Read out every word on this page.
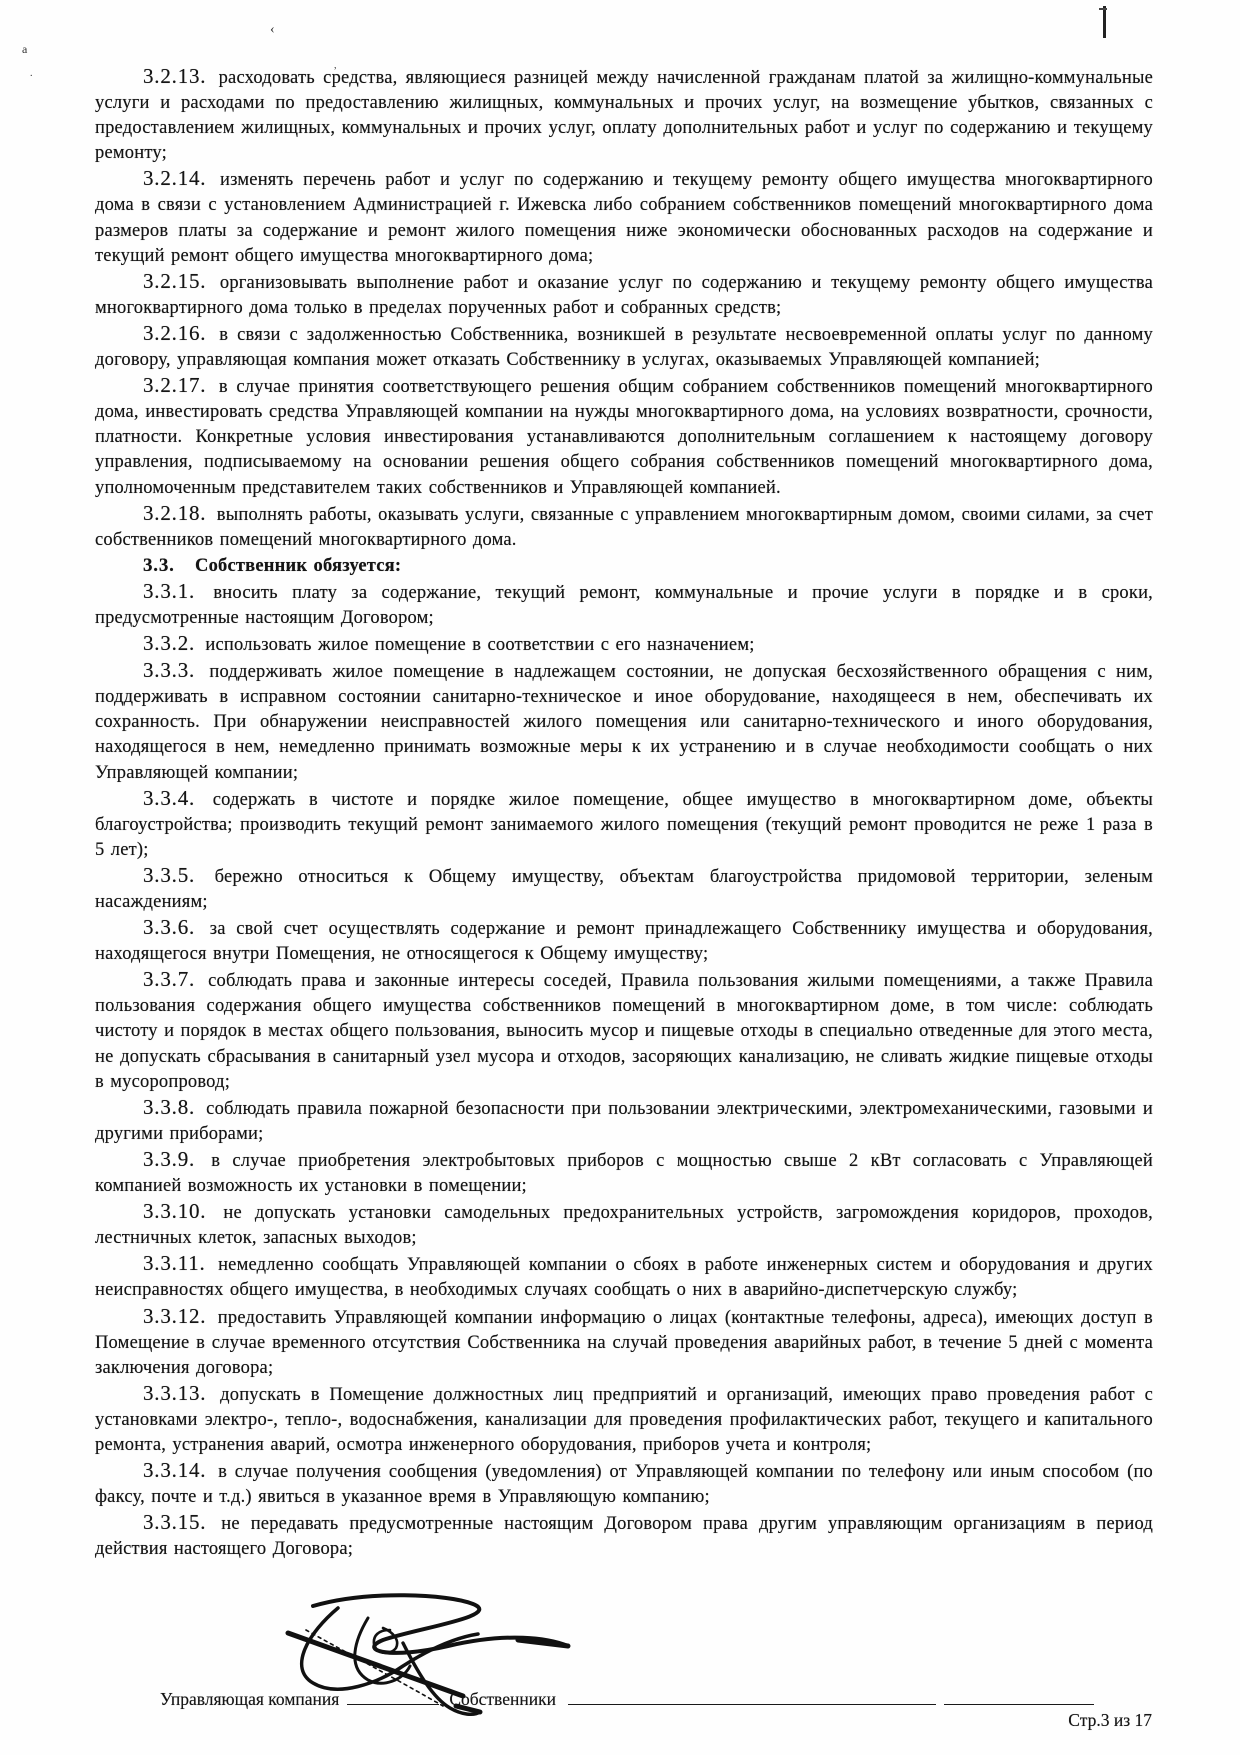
‹
a
.
,

3.2.13. расходовать средства, являющиеся разницей между начисленной гражданам платой за жилищно-коммунальные услуги и расходами по предоставлению жилищных, коммунальных и прочих услуг, на возмещение убытков, связанных с предоставлением жилищных, коммунальных и прочих услуг, оплату дополнительных работ и услуг по содержанию и текущему ремонту;

3.2.14. изменять перечень работ и услуг по содержанию и текущему ремонту общего имущества многоквартирного дома в связи с установлением Администрацией г. Ижевска либо собранием собственников помещений многоквартирного дома размеров платы за содержание и ремонт жилого помещения ниже экономически обоснованных расходов на содержание и текущий ремонт общего имущества многоквартирного дома;

3.2.15. организовывать выполнение работ и оказание услуг по содержанию и текущему ремонту общего имущества многоквартирного дома только в пределах порученных работ и собранных средств;

3.2.16. в связи с задолженностью Собственника, возникшей в результате несвоевременной оплаты услуг по данному договору, управляющая компания может отказать Собственнику в услугах, оказываемых Управляющей компанией;

3.2.17. в случае принятия соответствующего решения общим собранием собственников помещений многоквартирного дома, инвестировать средства Управляющей компании на нужды многоквартирного дома, на условиях возвратности, срочности, платности. Конкретные условия инвестирования устанавливаются дополнительным соглашением к настоящему договору управления, подписываемому на основании решения общего собрания собственников помещений многоквартирного дома, уполномоченным представителем таких собственников и Управляющей компанией.

3.2.18. выполнять работы, оказывать услуги, связанные с управлением многоквартирным домом, своими силами, за счет собственников помещений многоквартирного дома.

3.3. Собственник обязуется:

3.3.1. вносить плату за содержание, текущий ремонт, коммунальные и прочие услуги в порядке и в сроки, предусмотренные настоящим Договором;

3.3.2. использовать жилое помещение в соответствии с его назначением;

3.3.3. поддерживать жилое помещение в надлежащем состоянии, не допуская бесхозяйственного обращения с ним, поддерживать в исправном состоянии санитарно-техническое и иное оборудование, находящееся в нем, обеспечивать их сохранность. При обнаружении неисправностей жилого помещения или санитарно-технического и иного оборудования, находящегося в нем, немедленно принимать возможные меры к их устранению и в случае необходимости сообщать о них Управляющей компании;

3.3.4. содержать в чистоте и порядке жилое помещение, общее имущество в многоквартирном доме, объекты благоустройства; производить текущий ремонт занимаемого жилого помещения (текущий ремонт проводится не реже 1 раза в 5 лет);

3.3.5. бережно относиться к Общему имуществу, объектам благоустройства придомовой территории, зеленым насаждениям;

3.3.6. за свой счет осуществлять содержание и ремонт принадлежащего Собственнику имущества и оборудования, находящегося внутри Помещения, не относящегося к Общему имуществу;

3.3.7. соблюдать права и законные интересы соседей, Правила пользования жилыми помещениями, а также Правила пользования содержания общего имущества собственников помещений в многоквартирном доме, в том числе: соблюдать чистоту и порядок в местах общего пользования, выносить мусор и пищевые отходы в специально отведенные для этого места, не допускать сбрасывания в санитарный узел мусора и отходов, засоряющих канализацию, не сливать жидкие пищевые отходы в мусоропровод;

3.3.8. соблюдать правила пожарной безопасности при пользовании электрическими, электромеханическими, газовыми и другими приборами;

3.3.9. в случае приобретения электробытовых приборов с мощностью свыше 2 кВт согласовать с Управляющей компанией возможность их установки в помещении;

3.3.10. не допускать установки самодельных предохранительных устройств, загромождения коридоров, проходов, лестничных клеток, запасных выходов;

3.3.11. немедленно сообщать Управляющей компании о сбоях в работе инженерных систем и оборудования и других неисправностях общего имущества, в необходимых случаях сообщать о них в аварийно-диспетчерскую службу;

3.3.12. предоставить Управляющей компании информацию о лицах (контактные телефоны, адреса), имеющих доступ в Помещение в случае временного отсутствия Собственника на случай проведения аварийных работ, в течение 5 дней с момента заключения договора;

3.3.13. допускать в Помещение должностных лиц предприятий и организаций, имеющих право проведения работ с установками электро-, тепло-, водоснабжения, канализации для проведения профилактических работ, текущего и капитального ремонта, устранения аварий, осмотра инженерного оборудования, приборов учета и контроля;

3.3.14. в случае получения сообщения (уведомления) от Управляющей компании по телефону или иным способом (по факсу, почте и т.д.) явиться в указанное время в Управляющую компанию;

3.3.15. не передавать предусмотренные настоящим Договором права другим управляющим организациям в период действия настоящего Договора;

Управляющая компания	Собственники
Стр.3 из 17
